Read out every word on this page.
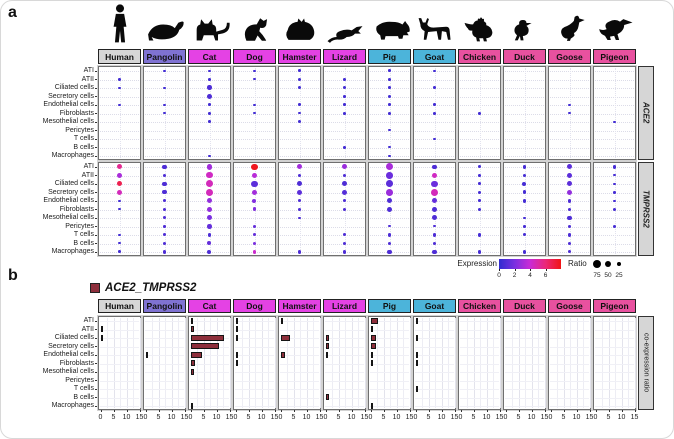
a
b
ACE2_TMPRSS2
Expression
0 2 4 6
Ratio
Human
Human
Pangolin
Pangolin
Cat
Cat
Dog
Dog
Hamster
Hamster
Lizard
Lizard
Pig
Pig
Goat
Goat
Chicken
Chicken
Duck
Duck
Goose
Goose
Pigeon
Pigeon
ATI
ATII
Ciliated cells
Secretory cells
Endothelial cells
Fibroblasts
Mesothelial cells
Pericytes
T cells
B cells
Macrophages
ATI
ATII
Ciliated cells
Secretory cells
Endothelial cells
Fibroblasts
Mesothelial cells
Pericytes
T cells
B cells
Macrophages
ATI
ATII
Ciliated cells
Secretory cells
Endothelial cells
Fibroblasts
Mesothelial cells
Pericytes
T cells
B cells
Macrophages
ACE2
TMPRSS2
0 5 10 15 0 5 10 15 0 5 10 15 0 5 10 15 0 5 10 15 0 5 10 15 0 5 10 15 0 5 10 15 0 5 10 15 0 5 10 15 0 5 10 15 0 5 10 15
co-expression ratio
75 50 25
